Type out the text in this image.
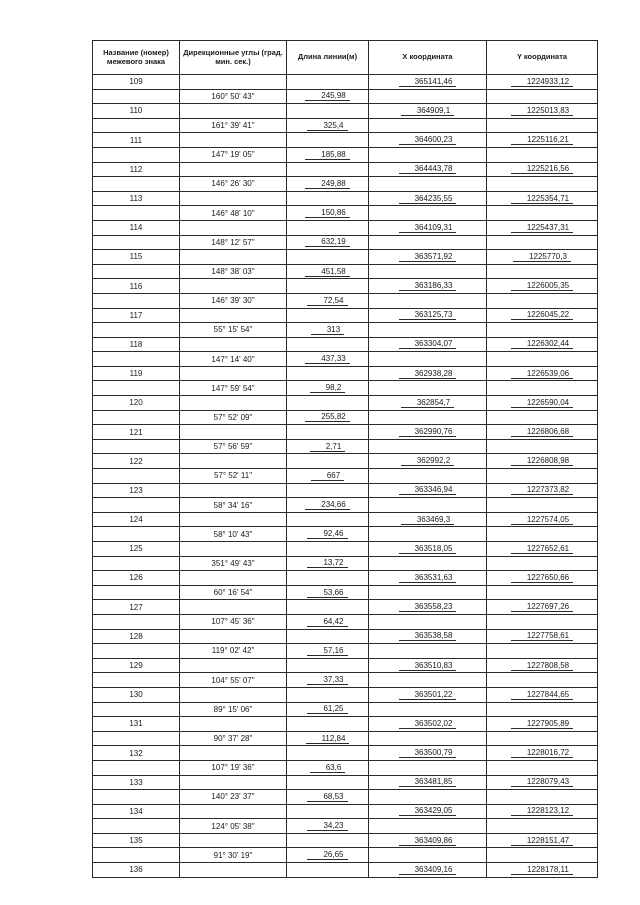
Название (номер) межевого знака	Дирекционные углы (град. мин. сек.)	Длина линии(м)	X координата	Y координата
109			365141,46	1224933,12
	160° 50' 43"	245,98		
110			364909,1	1225013,83
	161° 39' 41"	325,4		
111			364600,23	1225116,21
	147° 19' 05"	185,88		
112			364443,78	1225216,56
	146° 26' 30"	249,88		
113			364235,55	1225354,71
	146° 48' 10"	150,86		
114			364109,31	1225437,31
	148° 12' 57"	632,19		
115			363571,92	1225770,3
	148° 38' 03"	451,58		
116			363186,33	1226005,35
	146° 39' 30"	72,54		
117			363125,73	1226045,22
	55° 15' 54"	313		
118			363304,07	1226302,44
	147° 14' 40"	437,33		
119			362938,28	1226539,06
	147° 59' 54"	98,2		
120			362854,7	1226590,04
	57° 52' 09"	255,82		
121			362990,76	1226806,68
	57° 56' 59"	2,71		
122			362992,2	1226808,98
	57° 52' 11"	667		
123			363346,94	1227373,82
	58° 34' 16"	234,66		
124			363469,3	1227574,05
	58° 10' 43"	92,46		
125			363518,05	1227652,61
	351° 49' 43"	13,72		
126			363531,63	1227650,66
	60° 16' 54"	53,66		
127			363558,23	1227697,26
	107° 45' 36"	64,42		
128			363538,58	1227758,61
	119° 02' 42"	57,16		
129			363510,83	1227808,58
	104° 55' 07"	37,33		
130			363501,22	1227844,65
	89° 15' 06"	61,25		
131			363502,02	1227905,89
	90° 37' 28"	112,84		
132			363500,79	1228016,72
	107° 19' 36"	63,6		
133			363481,85	1228079,43
	140° 23' 37"	68,53		
134			363429,05	1228123,12
	124° 05' 38"	34,23		
135			363409,86	1228151,47
	91° 30' 19"	26,65		
136			363409,16	1228178,11
